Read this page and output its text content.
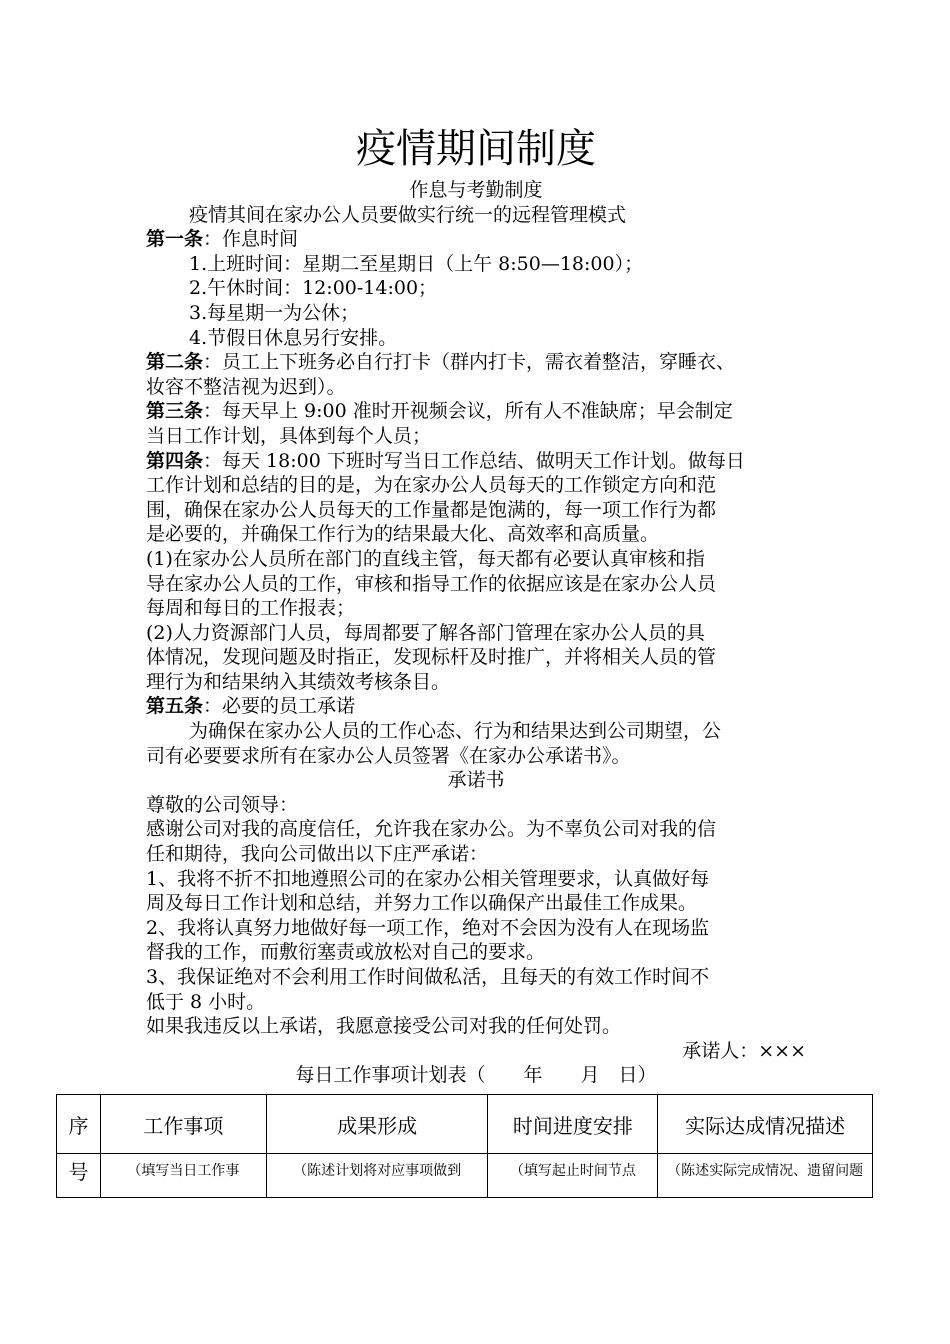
疫情期间制度

作息与考勤制度

疫情其间在家办公人员要做实行统一的远程管理模式

第一条：作息时间

1.上班时间：星期二至星期日（上午 8:50—18:00）；

2.午休时间：12:00-14:00；

3.每星期一为公休；

4.节假日休息另行安排。

第二条：员工上下班务必自行打卡（群内打卡，需衣着整洁，穿睡衣、

妆容不整洁视为迟到）。

第三条：每天早上 9:00 准时开视频会议，所有人不准缺席；早会制定

当日工作计划，具体到每个人员；

第四条：每天 18:00 下班时写当日工作总结、做明天工作计划。做每日

工作计划和总结的目的是，为在家办公人员每天的工作锁定方向和范

围，确保在家办公人员每天的工作量都是饱满的，每一项工作行为都

是必要的，并确保工作行为的结果最大化、高效率和高质量。

(1)在家办公人员所在部门的直线主管，每天都有必要认真审核和指

导在家办公人员的工作，审核和指导工作的依据应该是在家办公人员

每周和每日的工作报表；

(2)人力资源部门人员，每周都要了解各部门管理在家办公人员的具

体情况，发现问题及时指正，发现标杆及时推广，并将相关人员的管

理行为和结果纳入其绩效考核条目。

第五条：必要的员工承诺

为确保在家办公人员的工作心态、行为和结果达到公司期望，公

司有必要要求所有在家办公人员签署《在家办公承诺书》。

承诺书

尊敬的公司领导：

感谢公司对我的高度信任，允许我在家办公。为不辜负公司对我的信

任和期待，我向公司做出以下庄严承诺：

1、我将不折不扣地遵照公司的在家办公相关管理要求，认真做好每

周及每日工作计划和总结，并努力工作以确保产出最佳工作成果。

2、我将认真努力地做好每一项工作，绝对不会因为没有人在现场监

督我的工作，而敷衍塞责或放松对自己的要求。

3、我保证绝对不会利用工作时间做私活，且每天的有效工作时间不

低于 8 小时。

如果我违反以上承诺，我愿意接受公司对我的任何处罚。

承诺人：×××

每日工作事项计划表（　　年　　月　日）

序	工作事项	成果形成	时间进度安排	实际达成情况描述
号	（填写当日工作事	（陈述计划将对应事项做到	（填写起止时间节点	（陈述实际完成情况、遗留问题
